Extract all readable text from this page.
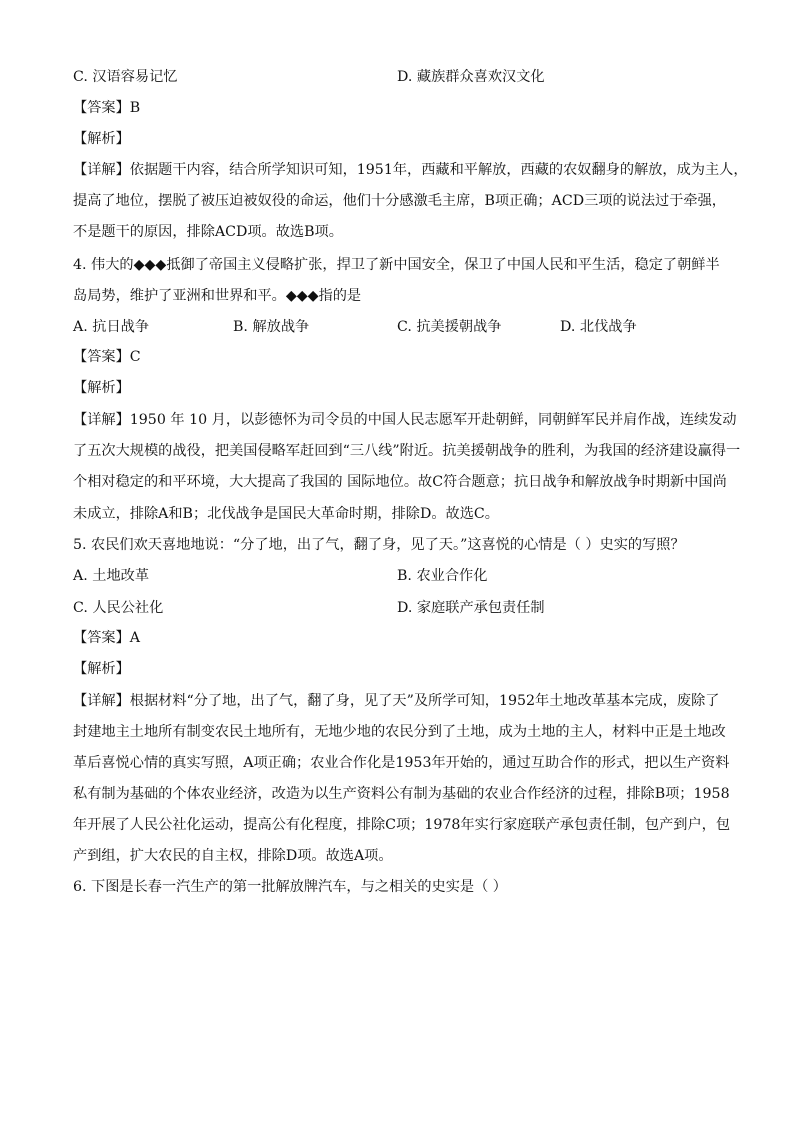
C. 汉语容易记忆	D. 藏族群众喜欢汉文化
【答案】B
【解析】
【详解】依据题干内容，结合所学知识可知，1951年，西藏和平解放，西藏的农奴翻身的解放，成为主人，
提高了地位，摆脱了被压迫被奴役的命运，他们十分感激毛主席，B项正确；ACD三项的说法过于牵强，
不是题干的原因，排除ACD项。故选B项。
4. 伟大的◆◆◆抵御了帝国主义侵略扩张，捍卫了新中国安全，保卫了中国人民和平生活，稳定了朝鲜半
岛局势，维护了亚洲和世界和平。◆◆◆指的是
A. 抗日战争	B. 解放战争	C. 抗美援朝战争	D. 北伐战争
【答案】C
【解析】
【详解】1950 年 10 月，以彭德怀为司令员的中国人民志愿军开赴朝鲜，同朝鲜军民并肩作战，连续发动
了五次大规模的战役，把美国侵略军赶回到“三八线”附近。抗美援朝战争的胜利，为我国的经济建设赢得一
个相对稳定的和平环境，大大提高了我国的 国际地位。故C符合题意；抗日战争和解放战争时期新中国尚
未成立，排除A和B；北伐战争是国民大革命时期，排除D。故选C。
5. 农民们欢天喜地地说：“分了地，出了气，翻了身，见了天。”这喜悦的心情是（ ）史实的写照？
A. 土地改革	B. 农业合作化
C. 人民公社化	D. 家庭联产承包责任制
【答案】A
【解析】
【详解】根据材料“分了地，出了气，翻了身，见了天”及所学可知，1952年土地改革基本完成，废除了
封建地主土地所有制变农民土地所有，无地少地的农民分到了土地，成为土地的主人，材料中正是土地改
革后喜悦心情的真实写照，A项正确；农业合作化是1953年开始的，通过互助合作的形式，把以生产资料
私有制为基础的个体农业经济，改造为以生产资料公有制为基础的农业合作经济的过程，排除B项；1958
年开展了人民公社化运动，提高公有化程度，排除C项；1978年实行家庭联产承包责任制，包产到户，包
产到组，扩大农民的自主权，排除D项。故选A项。
6. 下图是长春一汽生产的第一批解放牌汽车，与之相关的史实是（ ）
